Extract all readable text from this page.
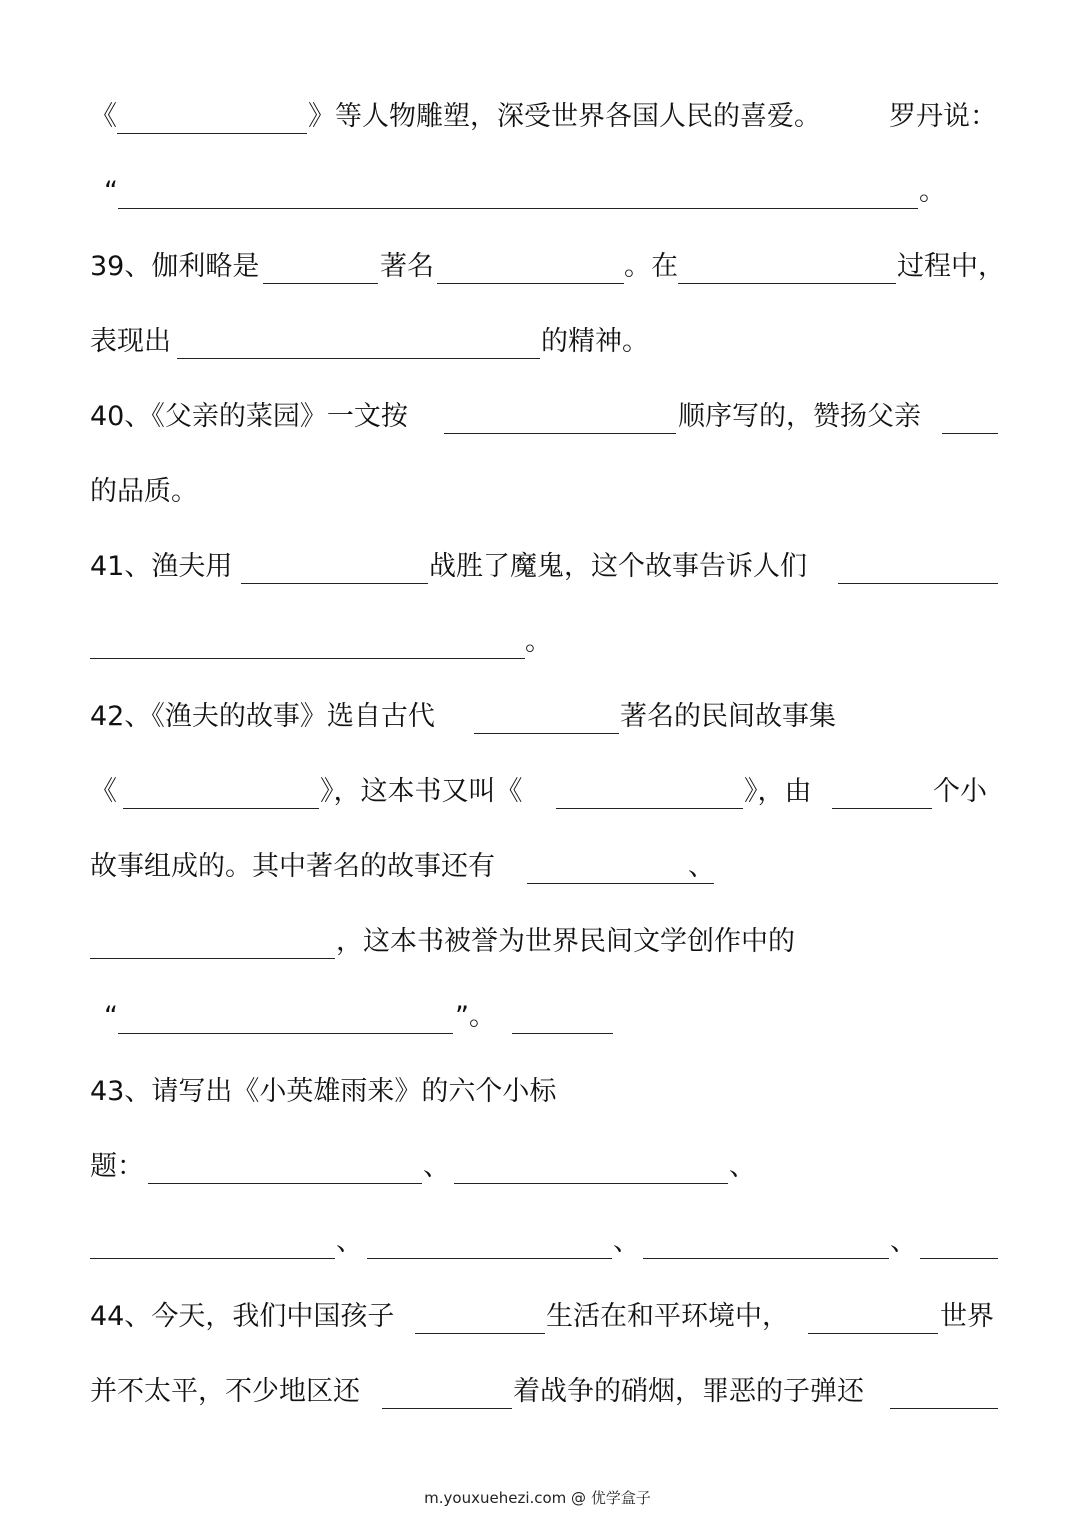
《	》等人物雕塑，深受世界各国人民的喜爱。	罗丹说：
“	。
39、伽利略是	著名	。在	过程中，
表现出	的精神。
40、《父亲的菜园》一文按	顺序写的，赞扬父亲
的品质。
41、渔夫用	战胜了魔鬼，这个故事告诉人们
。
42、《渔夫的故事》选自古代	著名的民间故事集
《	》，这本书又叫《	》，由	个小
故事组成的。其中著名的故事还有	、
，这本书被誉为世界民间文学创作中的
“	”。
43、请写出《小英雄雨来》的六个小标
题：	、	、
、	、	、
44、今天，我们中国孩子	生活在和平环境中，	世界
并不太平，不少地区还	着战争的硝烟，罪恶的子弹还
m.youxuehezi.com @ 优学盒子
